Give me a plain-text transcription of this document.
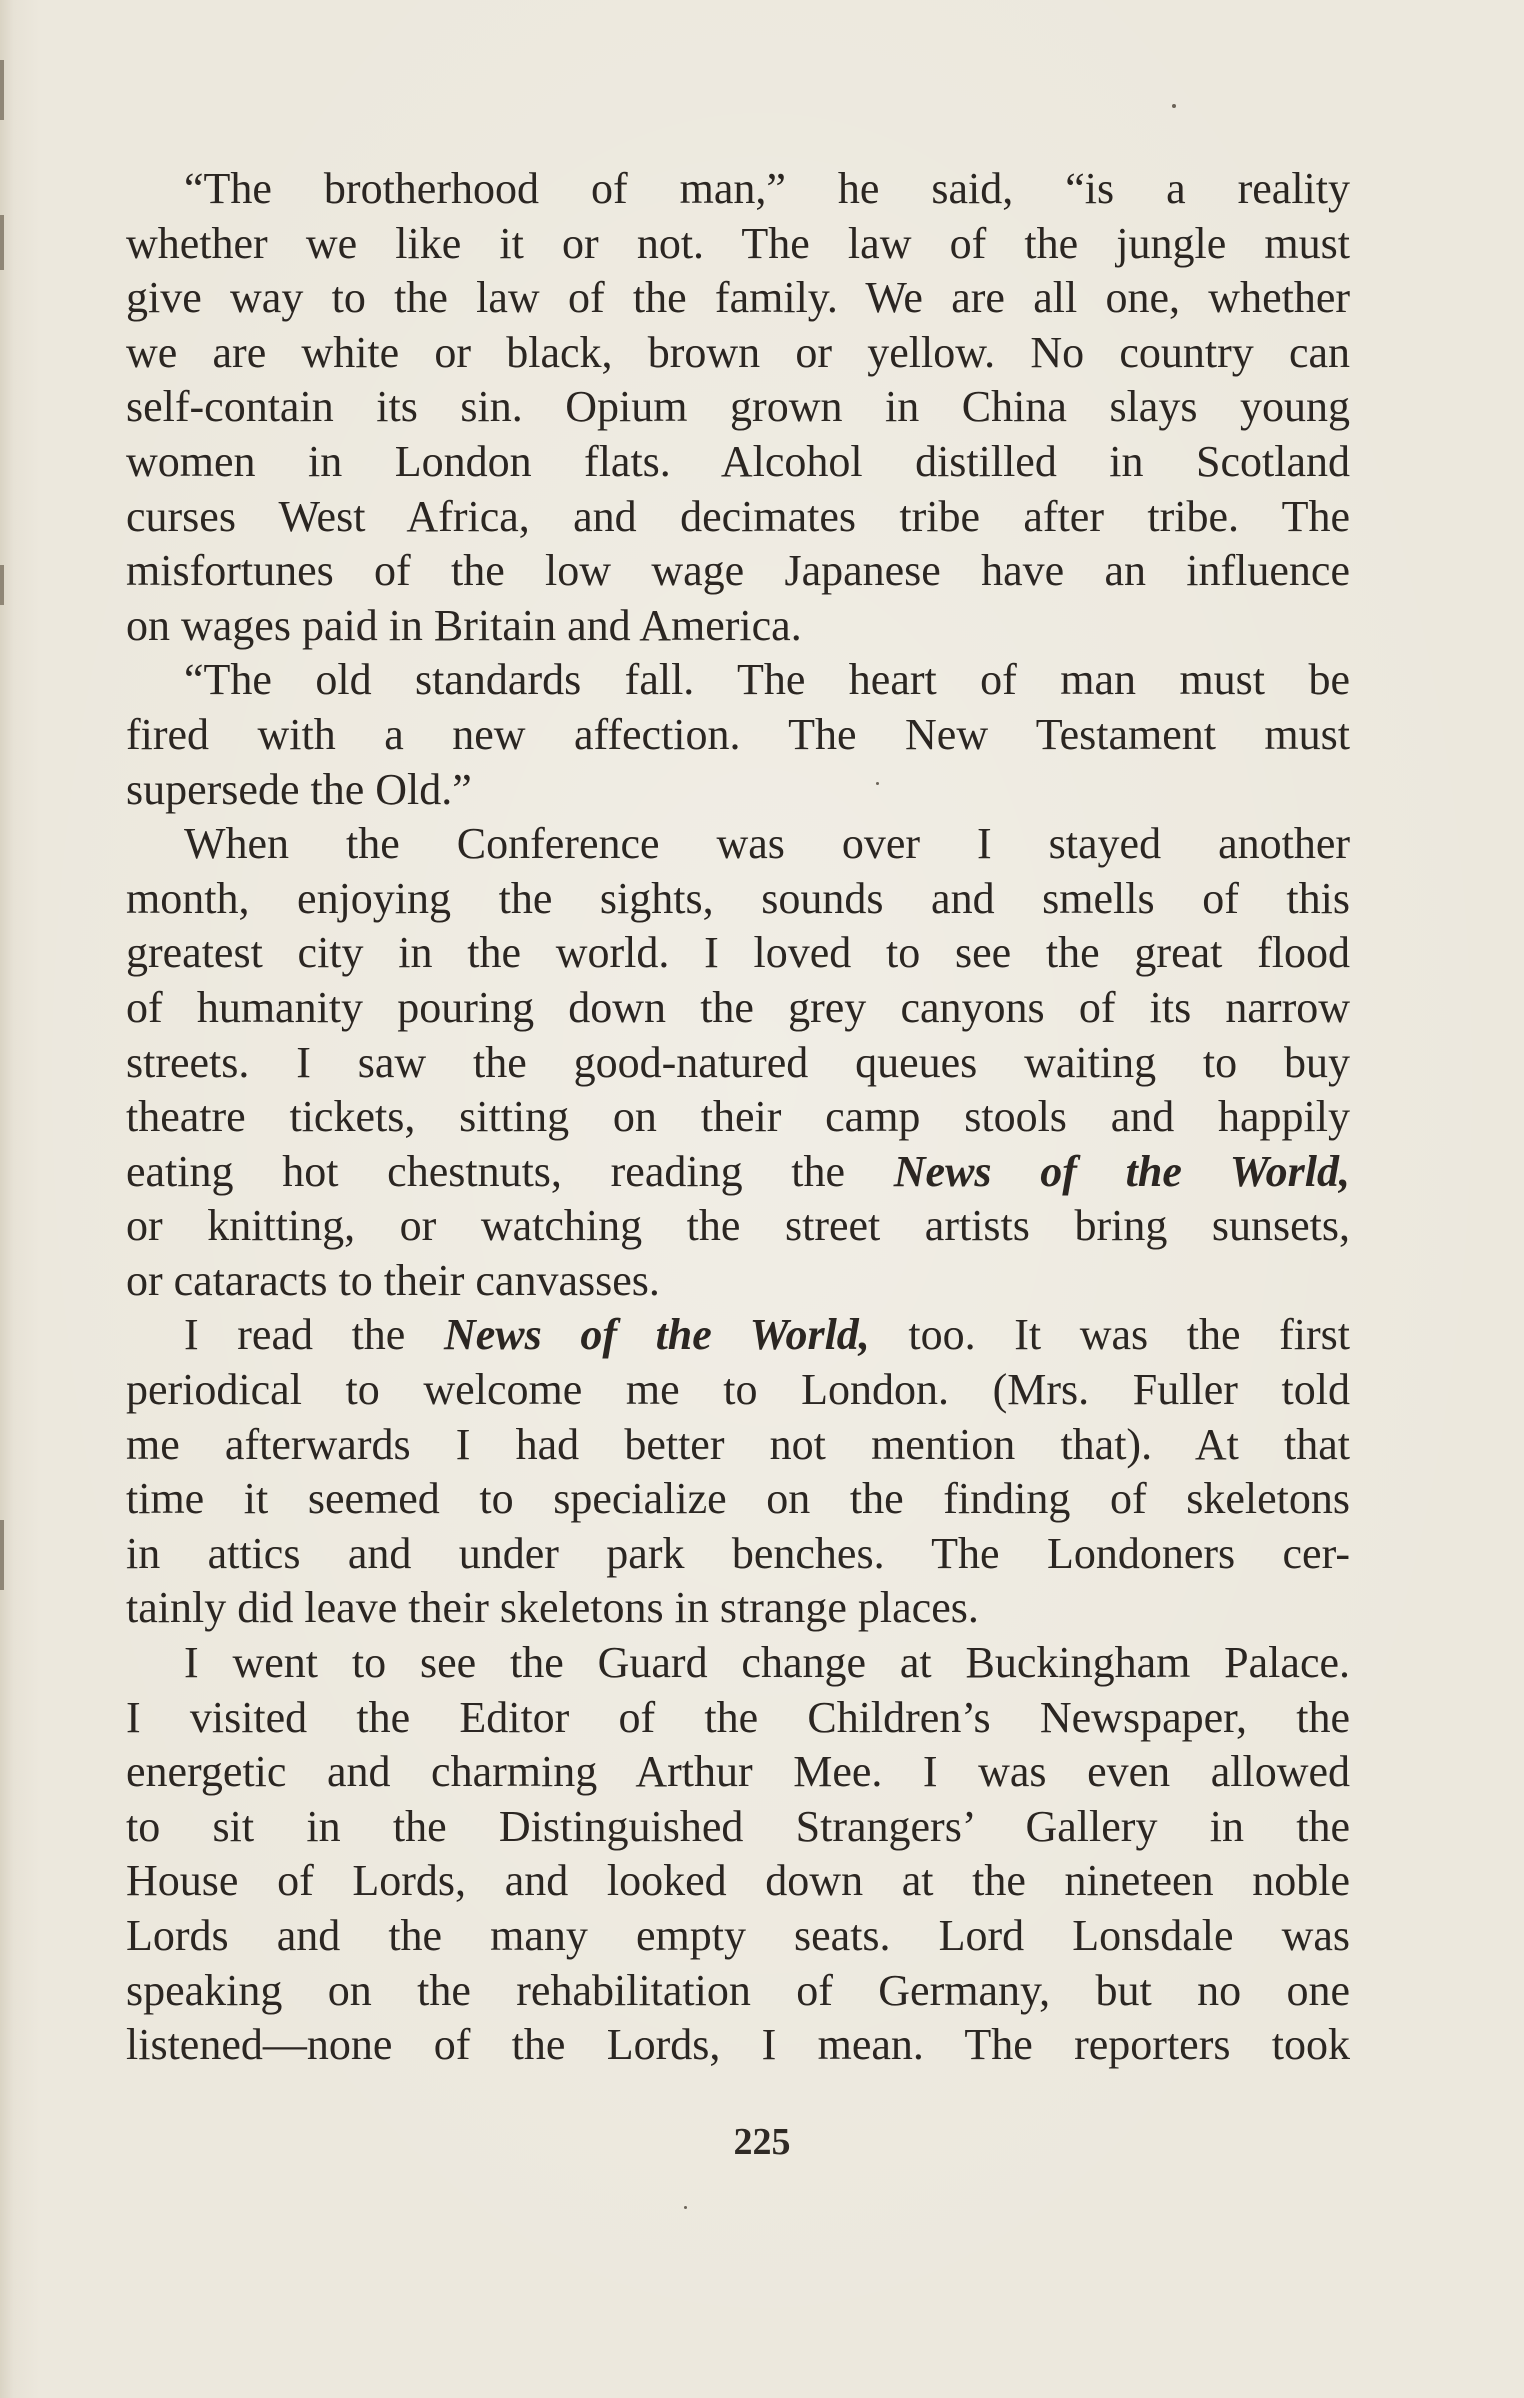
“The brotherhood of man,” he said, “is a reality
whether we like it or not. The law of the jungle must
give way to the law of the family. We are all one, whether
we are white or black, brown or yellow. No country can
self-contain its sin. Opium grown in China slays young
women in London flats. Alcohol distilled in Scotland
curses West Africa, and decimates tribe after tribe. The
misfortunes of the low wage Japanese have an influence
on wages paid in Britain and America.
“The old standards fall. The heart of man must be
fired with a new affection. The New Testament must
supersede the Old.”
When the Conference was over I stayed another
month, enjoying the sights, sounds and smells of this
greatest city in the world. I loved to see the great flood
of humanity pouring down the grey canyons of its narrow
streets. I saw the good-natured queues waiting to buy
theatre tickets, sitting on their camp stools and happily
eating hot chestnuts, reading the News of the World,
or knitting, or watching the street artists bring sunsets,
or cataracts to their canvasses.
I read the News of the World, too. It was the first
periodical to welcome me to London. (Mrs. Fuller told
me afterwards I had better not mention that). At that
time it seemed to specialize on the finding of skeletons
in attics and under park benches. The Londoners cer-
tainly did leave their skeletons in strange places.
I went to see the Guard change at Buckingham Palace.
I visited the Editor of the Children’s Newspaper, the
energetic and charming Arthur Mee. I was even allowed
to sit in the Distinguished Strangers’ Gallery in the
House of Lords, and looked down at the nineteen noble
Lords and the many empty seats. Lord Lonsdale was
speaking on the rehabilitation of Germany, but no one
listened—none of the Lords, I mean. The reporters took
225
